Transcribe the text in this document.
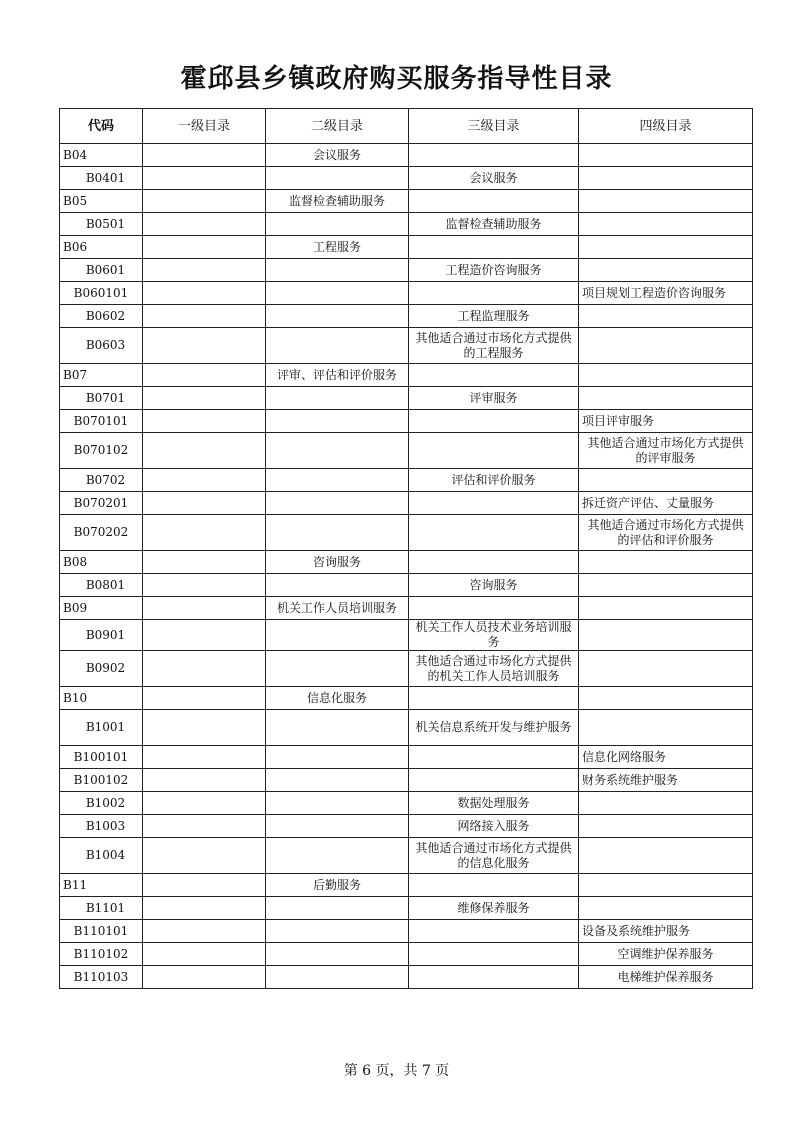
霍邱县乡镇政府购买服务指导性目录
代码	一级目录	二级目录	三级目录	四级目录
B04		会议服务		
B0401			会议服务	
B05		监督检查辅助服务		
B0501			监督检查辅助服务	
B06		工程服务		
B0601			工程造价咨询服务	
B060101				项目规划工程造价咨询服务
B0602			工程监理服务	
B0603			其他适合通过市场化方式提供的工程服务	
B07		评审、评估和评价服务		
B0701			评审服务	
B070101				项目评审服务
B070102				其他适合通过市场化方式提供的评审服务
B0702			评估和评价服务	
B070201				拆迁资产评估、丈量服务
B070202				其他适合通过市场化方式提供的评估和评价服务
B08		咨询服务		
B0801			咨询服务	
B09		机关工作人员培训服务		
B0901			机关工作人员技术业务培训服务	
B0902			其他适合通过市场化方式提供的机关工作人员培训服务	
B10		信息化服务		
B1001			机关信息系统开发与维护服务	
B100101				信息化网络服务
B100102				财务系统维护服务
B1002			数据处理服务	
B1003			网络接入服务	
B1004			其他适合通过市场化方式提供的信息化服务	
B11		后勤服务		
B1101			维修保养服务	
B110101				设备及系统维护服务
B110102				空调维护保养服务
B110103				电梯维护保养服务
第 6 页，共 7 页
